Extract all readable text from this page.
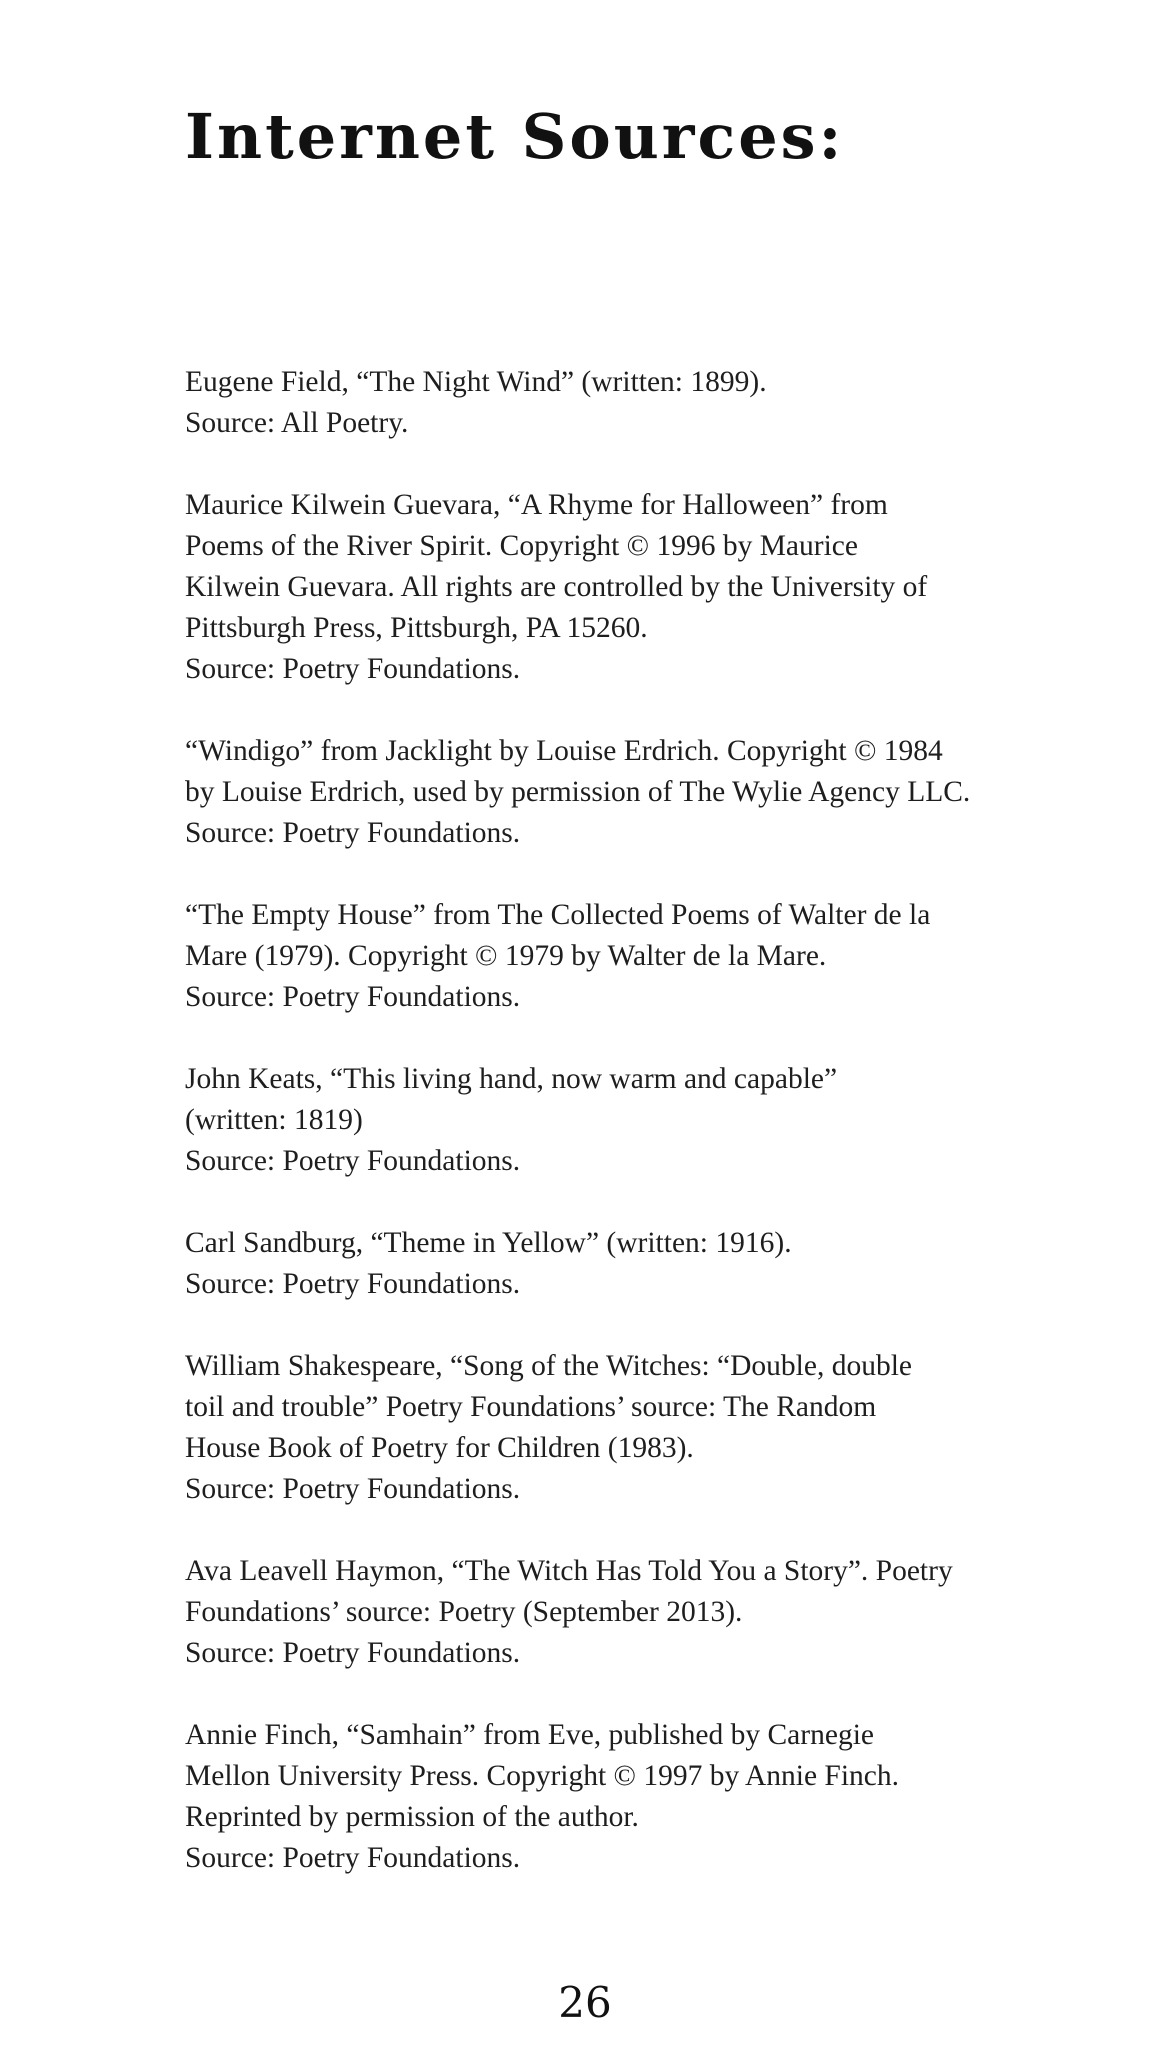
Internet Sources:

Eugene Field, “The Night Wind” (written: 1899).
Source: All Poetry.

Maurice Kilwein Guevara, “A Rhyme for Halloween” from
Poems of the River Spirit. Copyright © 1996 by Maurice
Kilwein Guevara. All rights are controlled by the University of
Pittsburgh Press, Pittsburgh, PA 15260.
Source: Poetry Foundations.

“Windigo” from Jacklight by Louise Erdrich. Copyright © 1984
by Louise Erdrich, used by permission of The Wylie Agency LLC.
Source: Poetry Foundations.

“The Empty House” from The Collected Poems of Walter de la
Mare (1979). Copyright © 1979 by Walter de la Mare.
Source: Poetry Foundations.

John Keats, “This living hand, now warm and capable”
(written: 1819)
Source: Poetry Foundations.

Carl Sandburg, “Theme in Yellow” (written: 1916).
Source: Poetry Foundations.

William Shakespeare, “Song of the Witches: “Double, double
toil and trouble” Poetry Foundations’ source: The Random
House Book of Poetry for Children (1983).
Source: Poetry Foundations.

Ava Leavell Haymon, “The Witch Has Told You a Story”. Poetry
Foundations’ source: Poetry (September 2013).
Source: Poetry Foundations.

Annie Finch, “Samhain” from Eve, published by Carnegie
Mellon University Press. Copyright © 1997 by Annie Finch.
Reprinted by permission of the author.
Source: Poetry Foundations.

26
